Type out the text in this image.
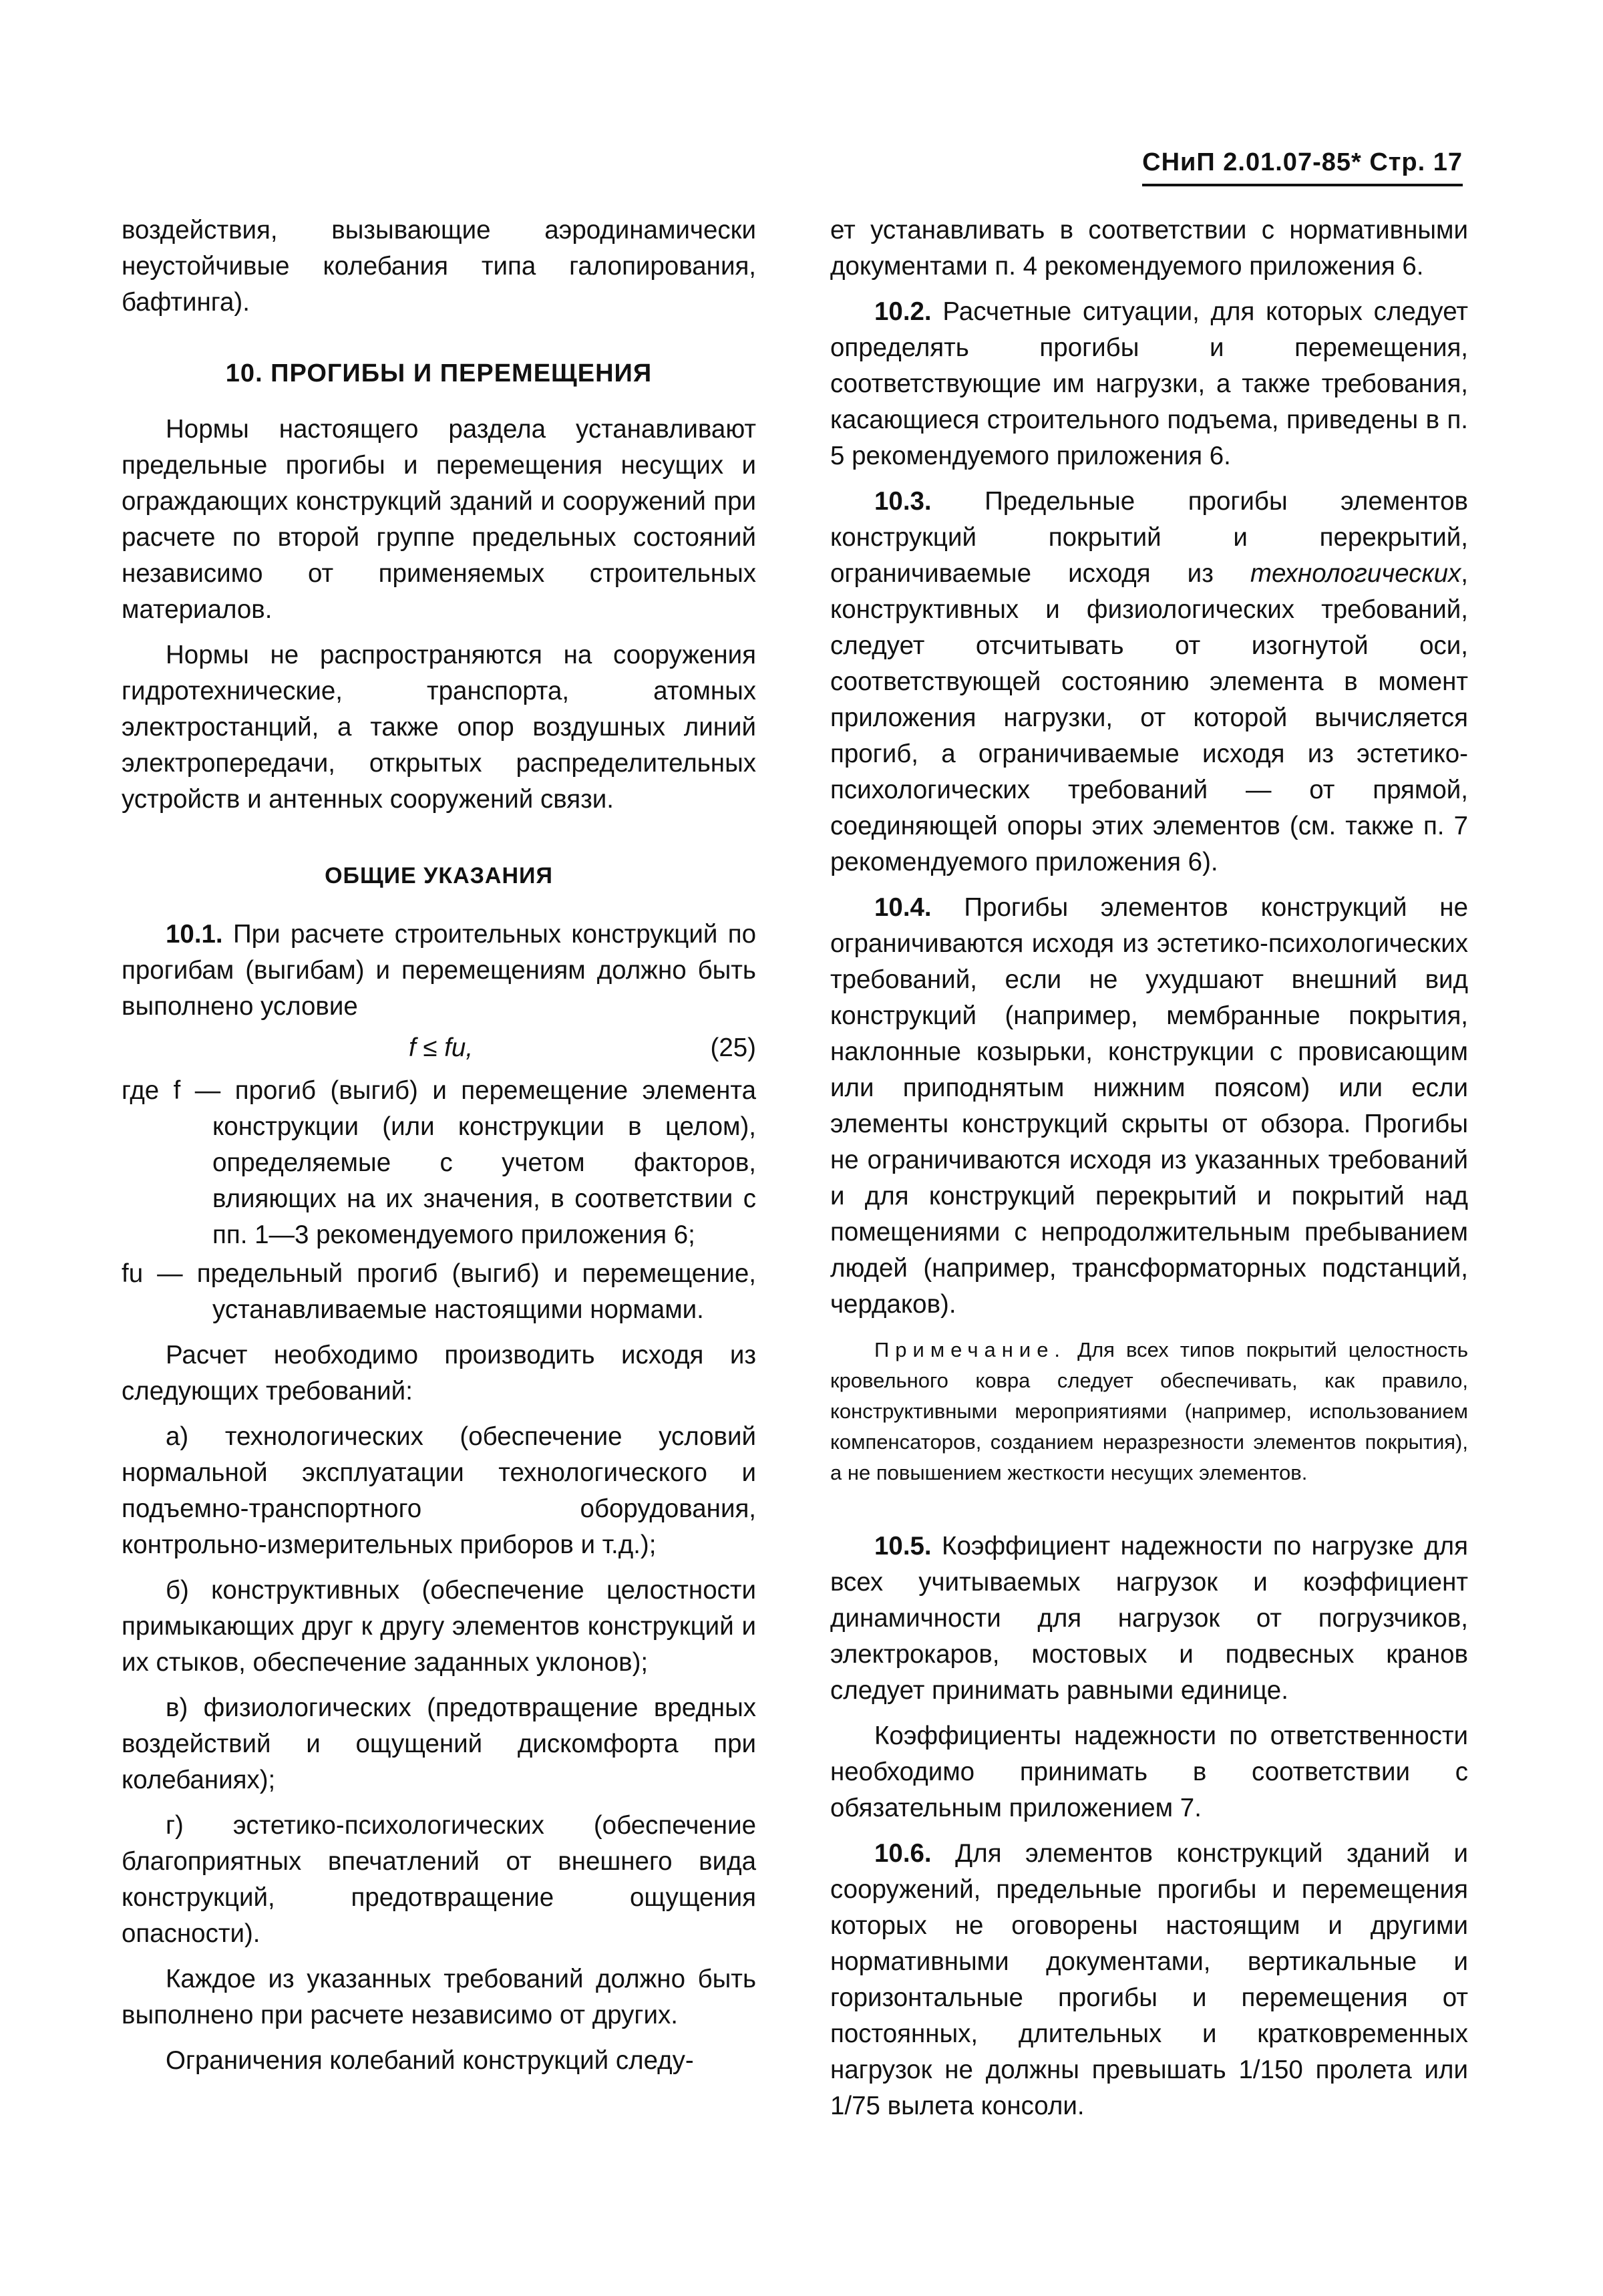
СНиП 2.01.07-85* Стр. 17

воздействия, вызывающие аэродинамически неустойчивые колебания типа галопирования, бафтинга).

10. ПРОГИБЫ И ПЕРЕМЕЩЕНИЯ

Нормы настоящего раздела устанавливают предельные прогибы и перемещения несущих и ограждающих конструкций зданий и сооружений при расчете по второй группе предельных состояний независимо от применяемых строительных материалов.

Нормы не распространяются на сооружения гидротехнические, транспорта, атомных электростанций, а также опор воздушных линий электропередачи, открытых распределительных устройств и антенных сооружений связи.

ОБЩИЕ УКАЗАНИЯ

10.1. При расчете строительных конструкций по прогибам (выгибам) и перемещениям должно быть выполнено условие

f ≤ fu,	(25)

где f — прогиб (выгиб) и перемещение элемента конструкции (или конструкции в целом), определяемые с учетом факторов, влияющих на их значения, в соответствии с пп. 1—3 рекомендуемого приложения 6;

fu — предельный прогиб (выгиб) и перемещение, устанавливаемые настоящими нормами.

Расчет необходимо производить исходя из следующих требований:

а) технологических (обеспечение условий нормальной эксплуатации технологического и подъемно-транспортного оборудования, контрольно-измерительных приборов и т.д.);

б) конструктивных (обеспечение целостности примыкающих друг к другу элементов конструкций и их стыков, обеспечение заданных уклонов);

в) физиологических (предотвращение вредных воздействий и ощущений дискомфорта при колебаниях);

г) эстетико-психологических (обеспечение благоприятных впечатлений от внешнего вида конструкций, предотвращение ощущения опасности).

Каждое из указанных требований должно быть выполнено при расчете независимо от других.

Ограничения колебаний конструкций следу-

ет устанавливать в соответствии с нормативными документами п. 4 рекомендуемого приложения 6.

10.2. Расчетные ситуации, для которых следует определять прогибы и перемещения, соответствующие им нагрузки, а также требования, касающиеся строительного подъема, приведены в п. 5 рекомендуемого приложения 6.

10.3. Предельные прогибы элементов конструкций покрытий и перекрытий, ограничиваемые исходя из технологических, конструктивных и физиологических требований, следует отсчитывать от изогнутой оси, соответствующей состоянию элемента в момент приложения нагрузки, от которой вычисляется прогиб, а ограничиваемые исходя из эстетико-психологических требований — от прямой, соединяющей опоры этих элементов (см. также п. 7 рекомендуемого приложения 6).

10.4. Прогибы элементов конструкций не ограничиваются исходя из эстетико-психологических требований, если не ухудшают внешний вид конструкций (например, мембранные покрытия, наклонные козырьки, конструкции с провисающим или приподнятым нижним поясом) или если элементы конструкций скрыты от обзора. Прогибы не ограничиваются исходя из указанных требований и для конструкций перекрытий и покрытий над помещениями с непродолжительным пребыванием людей (например, трансформаторных подстанций, чердаков).

Примечание. Для всех типов покрытий целостность кровельного ковра следует обеспечивать, как правило, конструктивными мероприятиями (например, использованием компенсаторов, созданием неразрезности элементов покрытия), а не повышением жесткости несущих элементов.

10.5. Коэффициент надежности по нагрузке для всех учитываемых нагрузок и коэффициент динамичности для нагрузок от погрузчиков, электрокаров, мостовых и подвесных кранов следует принимать равными единице.

Коэффициенты надежности по ответственности необходимо принимать в соответствии с обязательным приложением 7.

10.6. Для элементов конструкций зданий и сооружений, предельные прогибы и перемещения которых не оговорены настоящим и другими нормативными документами, вертикальные и горизонтальные прогибы и перемещения от постоянных, длительных и кратковременных нагрузок не должны превышать 1/150 пролета или 1/75 вылета консоли.
